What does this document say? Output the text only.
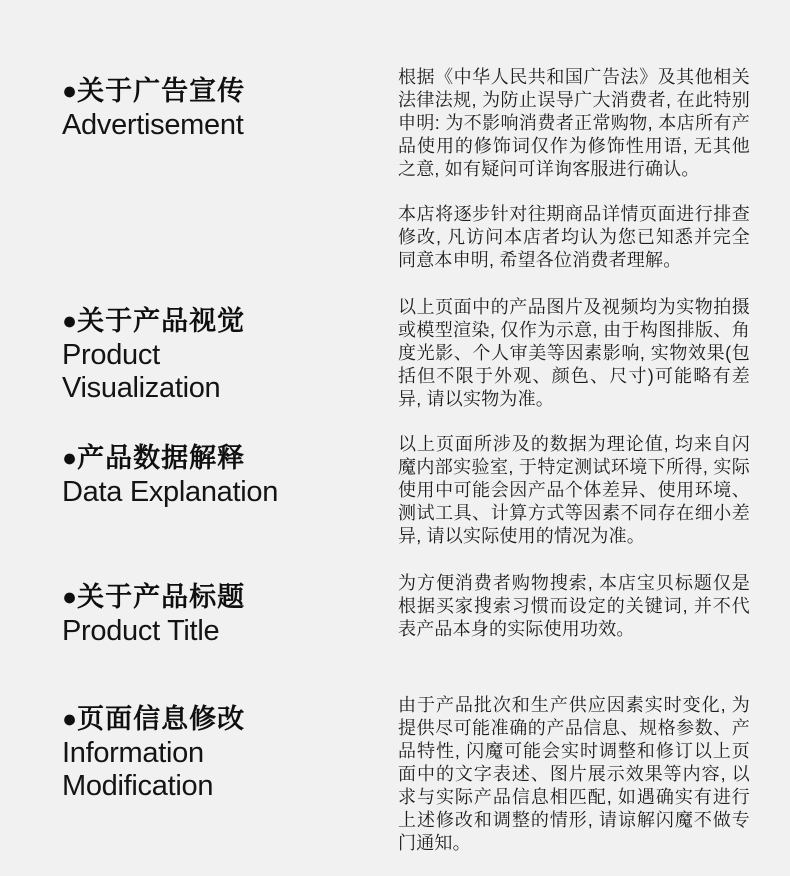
●关于广告宣传
Advertisement

根据《中华人民共和国广告法》及其他相关法律法规, 为防止误导广大消费者, 在此特别申明: 为不影响消费者正常购物, 本店所有产品使用的修饰词仅作为修饰性用语, 无其他之意, 如有疑问可详询客服进行确认。

本店将逐步针对往期商品详情页面进行排查修改, 凡访问本店者均认为您已知悉并完全同意本申明, 希望各位消费者理解。

●关于产品视觉
Product
Visualization

以上页面中的产品图片及视频均为实物拍摄或模型渲染, 仅作为示意, 由于构图排版、角度光影、个人审美等因素影响, 实物效果(包括但不限于外观、颜色、尺寸)可能略有差异, 请以实物为准。

●产品数据解释
Data Explanation

以上页面所涉及的数据为理论值, 均来自闪魔内部实验室, 于特定测试环境下所得, 实际使用中可能会因产品个体差异、使用环境、测试工具、计算方式等因素不同存在细小差异, 请以实际使用的情况为准。

●关于产品标题
Product Title

为方便消费者购物搜索, 本店宝贝标题仅是根据买家搜索习惯而设定的关键词, 并不代表产品本身的实际使用功效。

●页面信息修改
Information
Modification

由于产品批次和生产供应因素实时变化, 为提供尽可能准确的产品信息、规格参数、产品特性, 闪魔可能会实时调整和修订以上页面中的文字表述、图片展示效果等内容, 以求与实际产品信息相匹配, 如遇确实有进行上述修改和调整的情形, 请谅解闪魔不做专门通知。
